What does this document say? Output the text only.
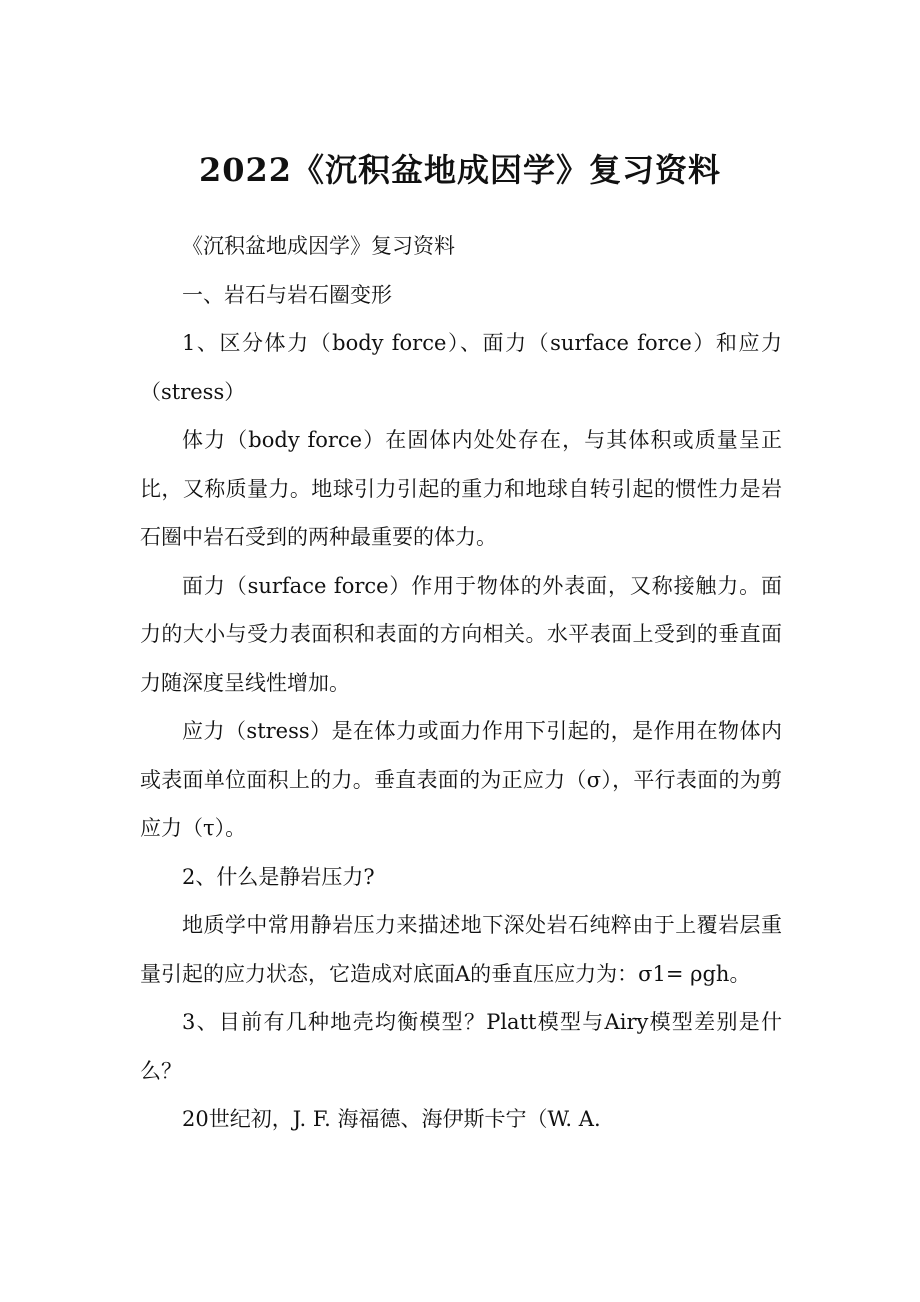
2022《沉积盆地成因学》复习资料

《沉积盆地成因学》复习资料

一、岩石与岩石圈变形

1、区分体力（body force）、面力（surface force）和应力（stress）

体力（body force）在固体内处处存在，与其体积或质量呈正比，又称质量力。地球引力引起的重力和地球自转引起的惯性力是岩石圈中岩石受到的两种最重要的体力。

面力（surface force）作用于物体的外表面，又称接触力。面力的大小与受力表面积和表面的方向相关。水平表面上受到的垂直面力随深度呈线性增加。

应力（stress）是在体力或面力作用下引起的，是作用在物体内或表面单位面积上的力。垂直表面的为正应力（σ），平行表面的为剪应力（τ）。

2、什么是静岩压力?

地质学中常用静岩压力来描述地下深处岩石纯粹由于上覆岩层重量引起的应力状态，它造成对底面A的垂直压应力为：σ1= ρgh。

3、目前有几种地壳均衡模型？Platt模型与Airy模型差别是什么？

20世纪初，J. F. 海福德、海伊斯卡宁（W. A.
